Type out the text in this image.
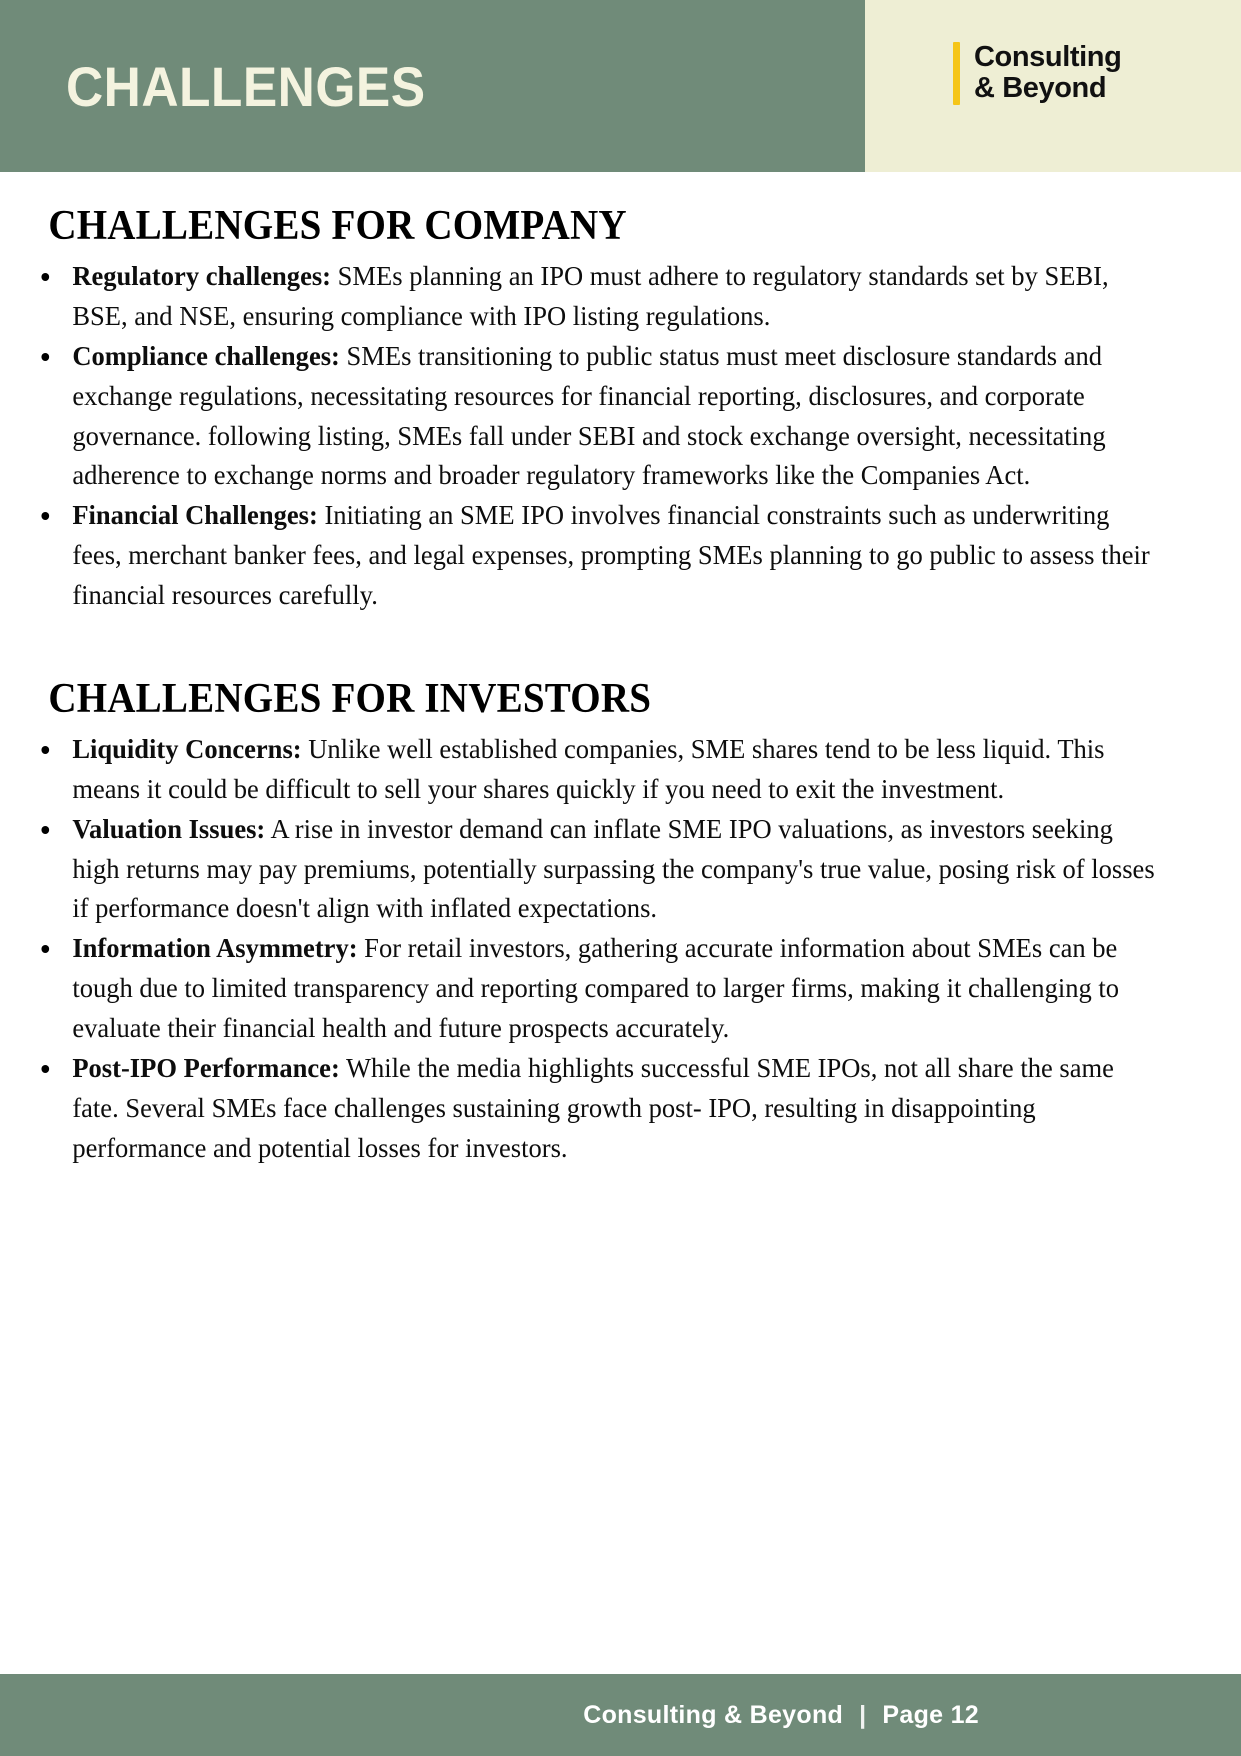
CHALLENGES	Consulting Consulting
& Beyond & Beyond
CHALLENGES FOR COMPANY
Regulatory challenges: SMEs planning an IPO must adhere to regulatory standards set by SEBI, BSE, and NSE, ensuring compliance with IPO listing regulations.
Compliance challenges: SMEs transitioning to public status must meet disclosure standards and exchange regulations, necessitating resources for financial reporting, disclosures, and corporate governance. following listing, SMEs fall under SEBI and stock exchange oversight, necessitating adherence to exchange norms and broader regulatory frameworks like the Companies Act.
Financial Challenges: Initiating an SME IPO involves financial constraints such as underwriting fees, merchant banker fees, and legal expenses, prompting SMEs planning to go public to assess their financial resources carefully.
CHALLENGES FOR INVESTORS
Liquidity Concerns: Unlike well established companies, SME shares tend to be less liquid. This means it could be difficult to sell your shares quickly if you need to exit the investment.
Valuation Issues: A rise in investor demand can inflate SME IPO valuations, as investors seeking high returns may pay premiums, potentially surpassing the company's true value, posing risk of losses if performance doesn't align with inflated expectations.
Information Asymmetry: For retail investors, gathering accurate information about SMEs can be tough due to limited transparency and reporting compared to larger firms, making it challenging to evaluate their financial health and future prospects accurately.
Post-IPO Performance: While the media highlights successful SME IPOs, not all share the same fate. Several SMEs face challenges sustaining growth post- IPO, resulting in disappointing performance and potential losses for investors.
Consulting & Beyond | Page 12
